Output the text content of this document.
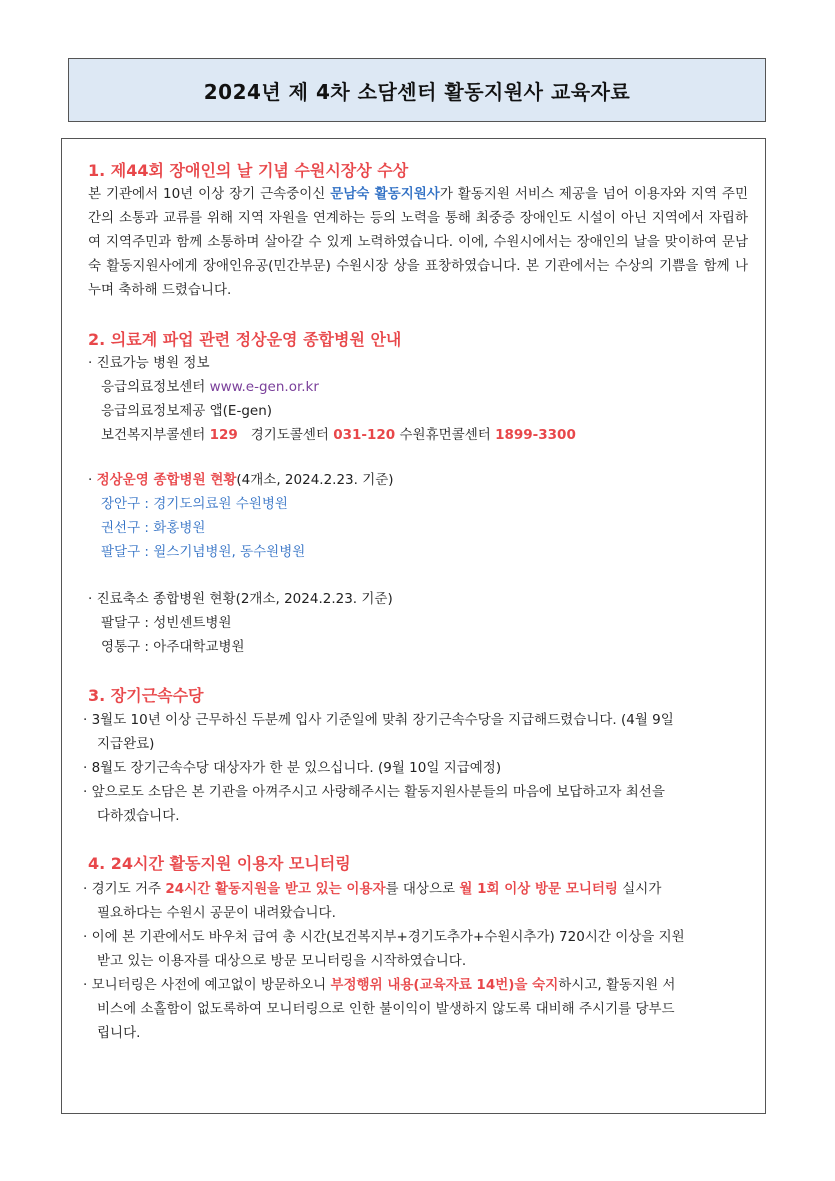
2024년 제 4차 소담센터 활동지원사 교육자료
1. 제44회 장애인의 날 기념 수원시장상 수상
본 기관에서 10년 이상 장기 근속중이신 문남숙 활동지원사가 활동지원 서비스 제공을 넘어 이용자와 지역 주민간의 소통과 교류를 위해 지역 자원을 연계하는 등의 노력을 통해 최중증 장애인도 시설이 아닌 지역에서 자립하여 지역주민과 함께 소통하며 살아갈 수 있게 노력하였습니다. 이에, 수원시에서는 장애인의 날을 맞이하여 문남숙 활동지원사에게 장애인유공(민간부문) 수원시장 상을 표창하였습니다. 본 기관에서는 수상의 기쁨을 함께 나누며 축하해 드렸습니다.
2. 의료계 파업 관련 정상운영 종합병원 안내
· 진료가능 병원 정보
응급의료정보센터 www.e-gen.or.kr
응급의료정보제공 앱(E-gen)
보건복지부콜센터 129 경기도콜센터 031-120 수원휴먼콜센터 1899-3300
· 정상운영 종합병원 현황(4개소, 2024.2.23. 기준)
장안구 : 경기도의료원 수원병원
권선구 : 화홍병원
팔달구 : 윌스기념병원, 동수원병원
· 진료축소 종합병원 현황(2개소, 2024.2.23. 기준)
팔달구 : 성빈센트병원
영통구 : 아주대학교병원
3. 장기근속수당
· 3월도 10년 이상 근무하신 두분께 입사 기준일에 맞춰 장기근속수당을 지급해드렸습니다. (4월 9일
지급완료)
· 8월도 장기근속수당 대상자가 한 분 있으십니다. (9월 10일 지급예정)
· 앞으로도 소담은 본 기관을 아껴주시고 사랑해주시는 활동지원사분들의 마음에 보답하고자 최선을
다하겠습니다.
4. 24시간 활동지원 이용자 모니터링
· 경기도 거주 24시간 활동지원을 받고 있는 이용자를 대상으로 월 1회 이상 방문 모니터링 실시가
필요하다는 수원시 공문이 내려왔습니다.
· 이에 본 기관에서도 바우처 급여 총 시간(보건복지부+경기도추가+수원시추가) 720시간 이상을 지원
받고 있는 이용자를 대상으로 방문 모니터링을 시작하였습니다.
· 모니터링은 사전에 예고없이 방문하오니 부정행위 내용(교육자료 14번)을 숙지하시고, 활동지원 서
비스에 소홀함이 없도록하여 모니터링으로 인한 불이익이 발생하지 않도록 대비해 주시기를 당부드
립니다.
